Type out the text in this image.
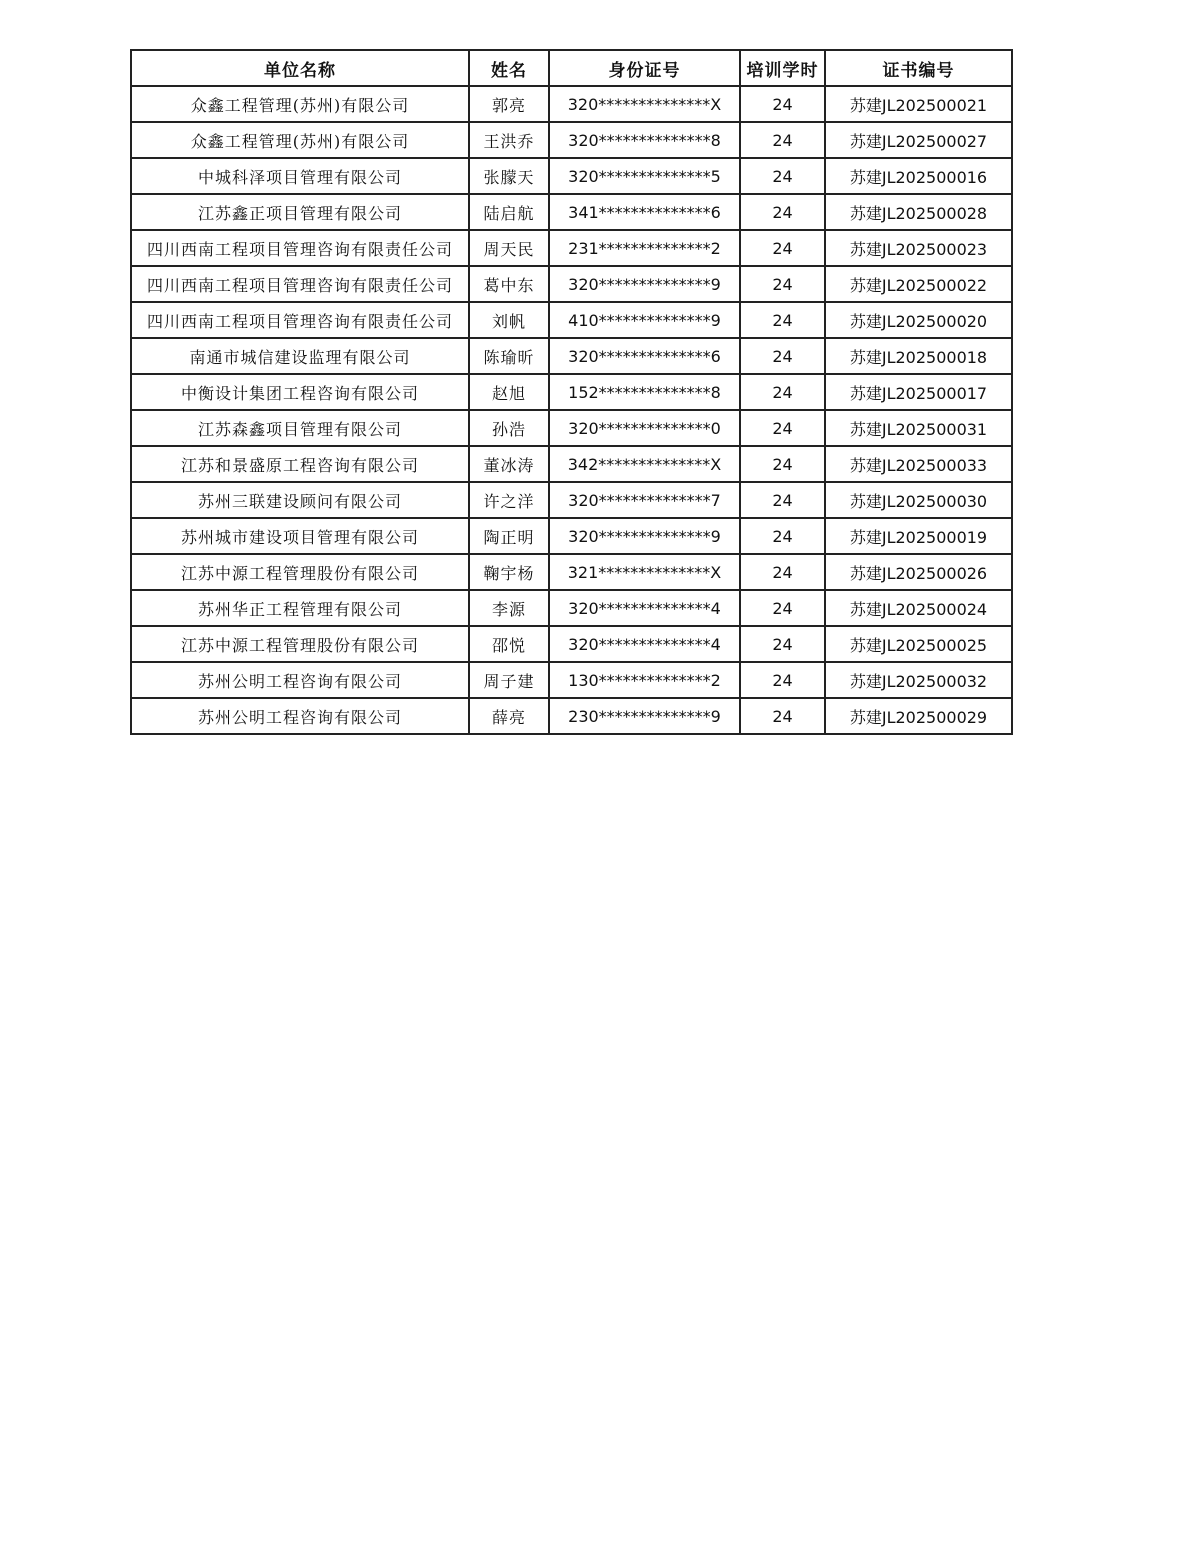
单位名称	姓名	身份证号	培训学时	证书编号
众鑫工程管理(苏州)有限公司	郭亮	320**************X	24	苏建JL202500021
众鑫工程管理(苏州)有限公司	王洪乔	320**************8	24	苏建JL202500027
中城科泽项目管理有限公司	张朦天	320**************5	24	苏建JL202500016
江苏鑫正项目管理有限公司	陆启航	341**************6	24	苏建JL202500028
四川西南工程项目管理咨询有限责任公司	周天民	231**************2	24	苏建JL202500023
四川西南工程项目管理咨询有限责任公司	葛中东	320**************9	24	苏建JL202500022
四川西南工程项目管理咨询有限责任公司	刘帆	410**************9	24	苏建JL202500020
南通市城信建设监理有限公司	陈瑜昕	320**************6	24	苏建JL202500018
中衡设计集团工程咨询有限公司	赵旭	152**************8	24	苏建JL202500017
江苏森鑫项目管理有限公司	孙浩	320**************0	24	苏建JL202500031
江苏和景盛原工程咨询有限公司	董冰涛	342**************X	24	苏建JL202500033
苏州三联建设顾问有限公司	许之洋	320**************7	24	苏建JL202500030
苏州城市建设项目管理有限公司	陶正明	320**************9	24	苏建JL202500019
江苏中源工程管理股份有限公司	鞠宇杨	321**************X	24	苏建JL202500026
苏州华正工程管理有限公司	李源	320**************4	24	苏建JL202500024
江苏中源工程管理股份有限公司	邵悦	320**************4	24	苏建JL202500025
苏州公明工程咨询有限公司	周子建	130**************2	24	苏建JL202500032
苏州公明工程咨询有限公司	薛亮	230**************9	24	苏建JL202500029
